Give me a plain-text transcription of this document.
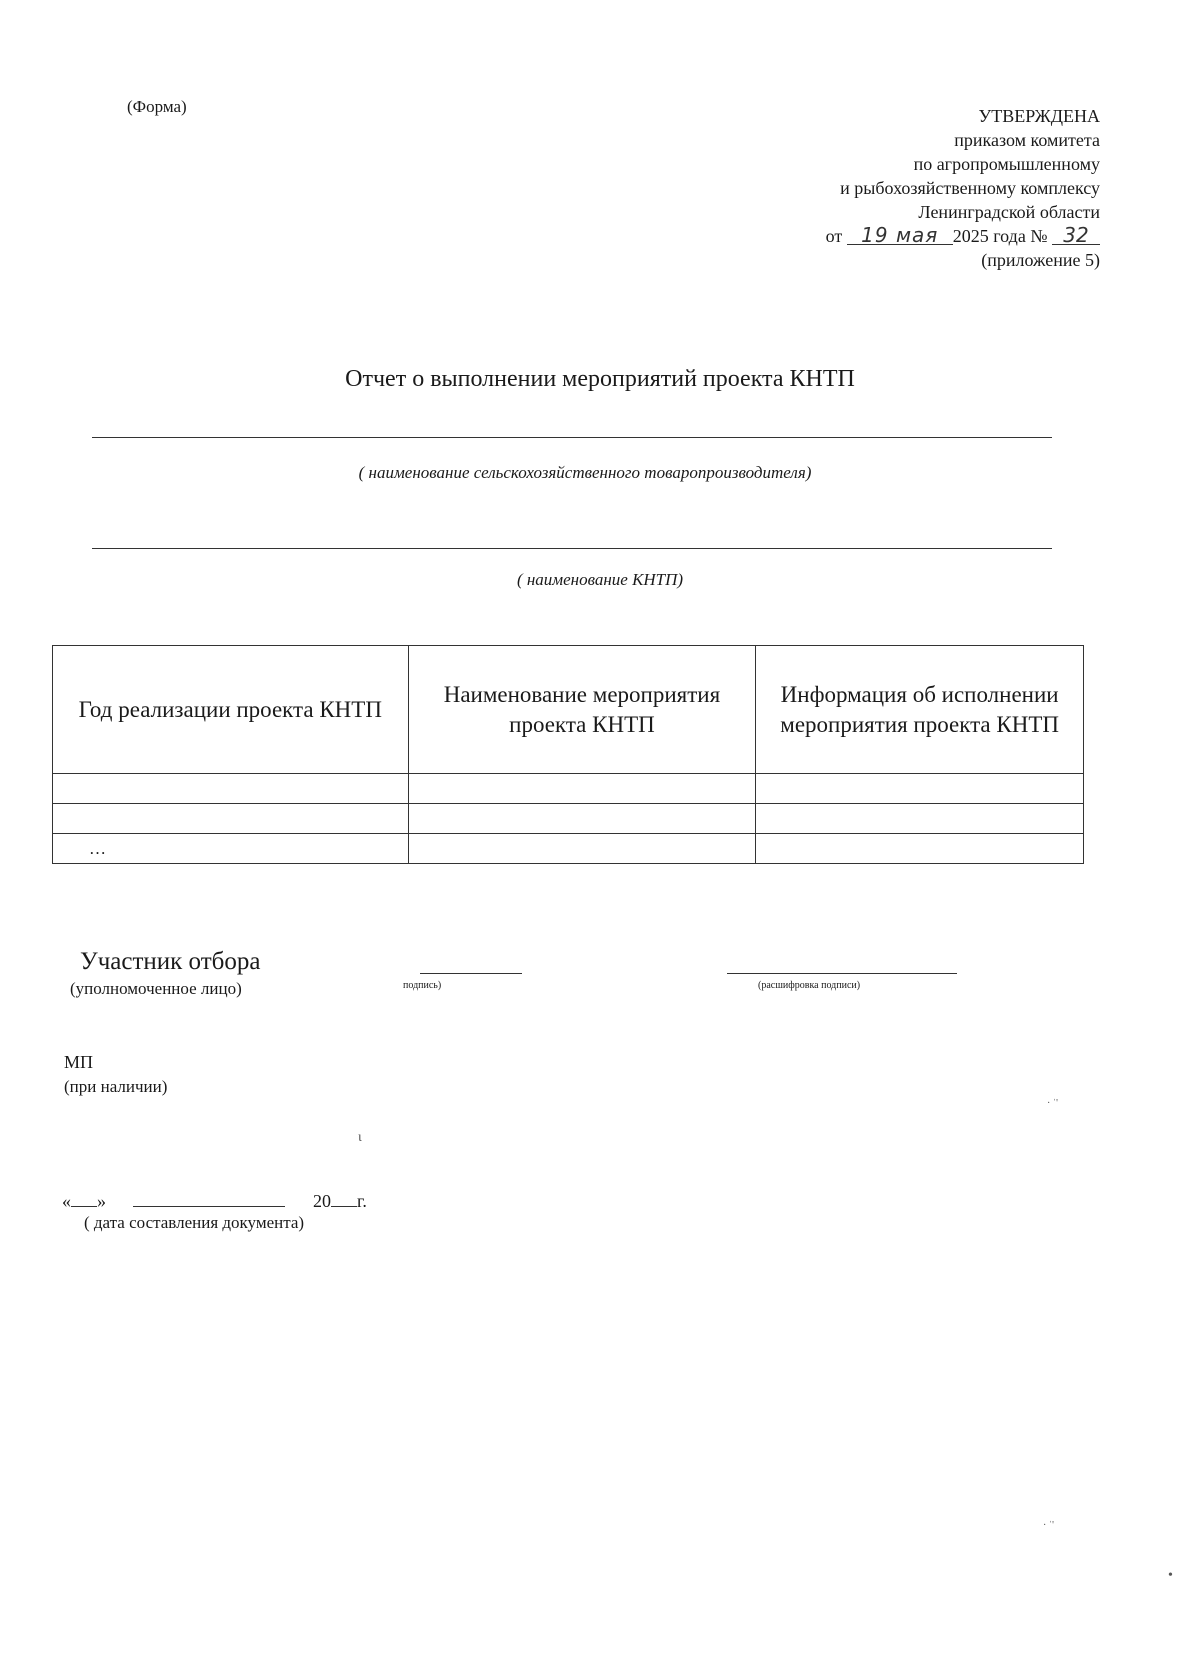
(Форма)	УТВЕРЖДЕНА
приказом комитета
по агропромышленному
и рыбохозяйственному комплексу
Ленинградской области
от 19 мая 2025 года № 32
(приложение 5)
Отчет о выполнении мероприятий проекта КНТП
( наименование сельскохозяйственного товаропроизводителя)
( наименование КНТП)
Год реализации проекта КНТП	Наименование мероприятия проекта КНТП	Информация об исполнении мероприятия проекта КНТП

…		
Участник отбора
(уполномоченное лицо)	подпись)	(расшифровка подписи)
МП
(при наличии)
« »	20 г.
( дата составления документа)
· ˈ'
· ˈ'
•
ι
